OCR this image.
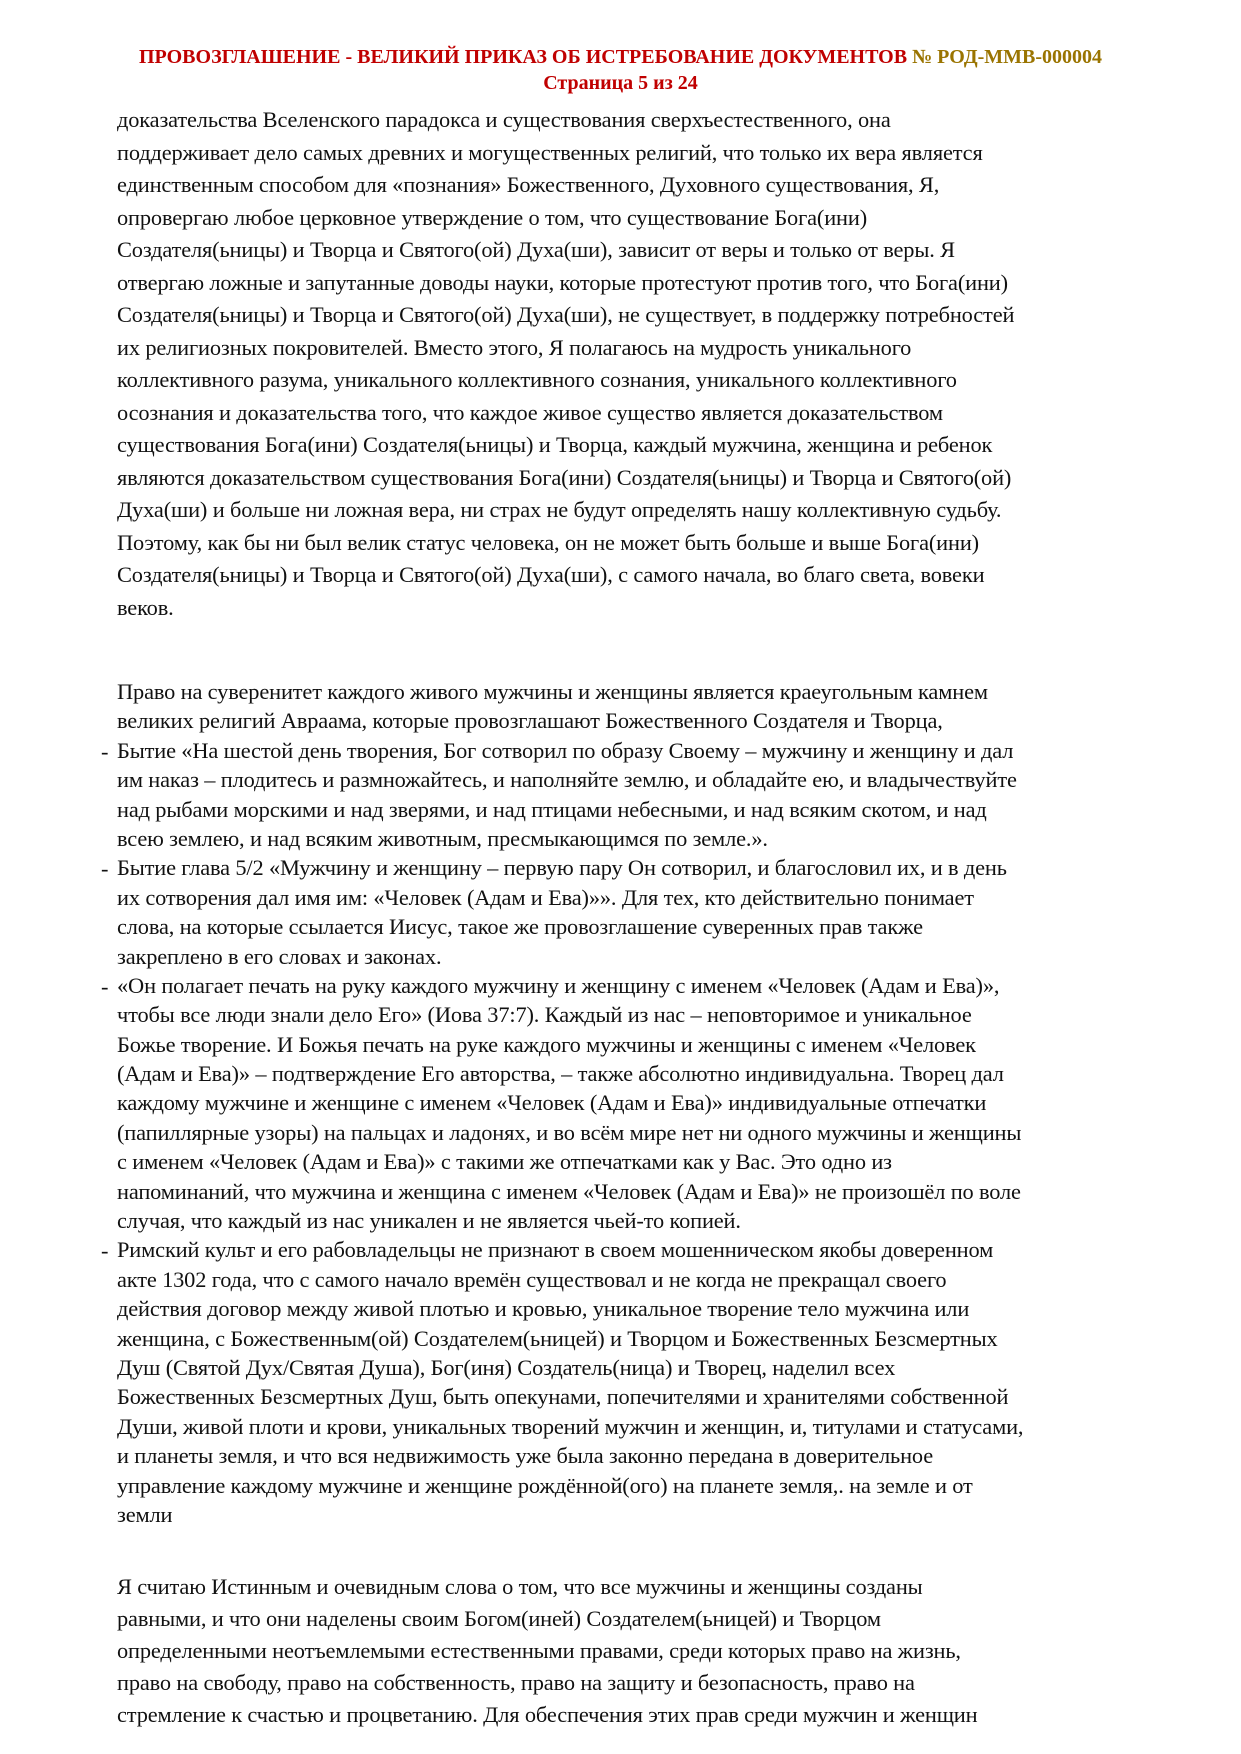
ПРОВОЗГЛАШЕНИЕ - ВЕЛИКИЙ ПРИКАЗ ОБ ИСТРЕБОВАНИЕ ДОКУМЕНТОВ № РОД-ММВ-000004
Страница 5 из 24
доказательства Вселенского парадокса и существования сверхъестественного, она
поддерживает дело самых древних и могущественных религий, что только их вера является
единственным способом для «познания» Божественного, Духовного существования, Я,
опровергаю любое церковное утверждение о том, что существование Бога(ини)
Создателя(ьницы) и Творца и Святого(ой) Духа(ши), зависит от веры и только от веры. Я
отвергаю ложные и запутанные доводы науки, которые протестуют против того, что Бога(ини)
Создателя(ьницы) и Творца и Святого(ой) Духа(ши), не существует, в поддержку потребностей
их религиозных покровителей. Вместо этого, Я полагаюсь на мудрость уникального
коллективного разума, уникального коллективного сознания, уникального коллективного
осознания и доказательства того, что каждое живое существо является доказательством
существования Бога(ини) Создателя(ьницы) и Творца, каждый мужчина, женщина и ребенок
являются доказательством существования Бога(ини) Создателя(ьницы) и Творца и Святого(ой)
Духа(ши) и больше ни ложная вера, ни страх не будут определять нашу коллективную судьбу.
Поэтому, как бы ни был велик статус человека, он не может быть больше и выше Бога(ини)
Создателя(ьницы) и Творца и Святого(ой) Духа(ши), с самого начала, во благо света, вовеки
веков.
Право на суверенитет каждого живого мужчины и женщины является краеугольным камнем
великих религий Авраама, которые провозглашают Божественного Создателя и Творца,
- Бытие «На шестой день творения, Бог сотворил по образу Своему – мужчину и женщину и дал
им наказ – плодитесь и размножайтесь, и наполняйте землю, и обладайте ею, и владычествуйте
над рыбами морскими и над зверями, и над птицами небесными, и над всяким скотом, и над
всею землею, и над всяким животным, пресмыкающимся по земле.».
- Бытие глава 5/2 «Мужчину и женщину – первую пару Он сотворил, и благословил их, и в день
их сотворения дал имя им: «Человек (Адам и Ева)»». Для тех, кто действительно понимает
слова, на которые ссылается Иисус, такое же провозглашение суверенных прав также
закреплено в его словах и законах.
- «Он полагает печать на руку каждого мужчину и женщину с именем «Человек (Адам и Ева)»,
чтобы все люди знали дело Его» (Иова 37:7). Каждый из нас – неповторимое и уникальное
Божье творение. И Божья печать на руке каждого мужчины и женщины с именем «Человек
(Адам и Ева)» – подтверждение Его авторства, – также абсолютно индивидуальна. Творец дал
каждому мужчине и женщине с именем «Человек (Адам и Ева)» индивидуальные отпечатки
(папиллярные узоры) на пальцах и ладонях, и во всём мире нет ни одного мужчины и женщины
с именем «Человек (Адам и Ева)» с такими же отпечатками как у Вас. Это одно из
напоминаний, что мужчина и женщина с именем «Человек (Адам и Ева)» не произошёл по воле
случая, что каждый из нас уникален и не является чьей-то копией.
- Римский культ и его рабовладельцы не признают в своем мошенническом якобы доверенном
акте 1302 года, что с самого начало времён существовал и не когда не прекращал своего
действия договор между живой плотью и кровью, уникальное творение тело мужчина или
женщина, с Божественным(ой) Создателем(ьницей) и Творцом и Божественных Безсмертных
Душ (Святой Дух/Святая Душа), Бог(иня) Создатель(ница) и Творец, наделил всех
Божественных Безсмертных Душ, быть опекунами, попечителями и хранителями собственной
Души, живой плоти и крови, уникальных творений мужчин и женщин, и, титулами и статусами,
и планеты земля, и что вся недвижимость уже была законно передана в доверительное
управление каждому мужчине и женщине рождённой(ого) на планете земля,. на земле и от
земли
Я считаю Истинным и очевидным слова о том, что все мужчины и женщины созданы
равными, и что они наделены своим Богом(иней) Создателем(ьницей) и Творцом
определенными неотъемлемыми естественными правами, среди которых право на жизнь,
право на свободу, право на собственность, право на защиту и безопасность, право на
стремление к счастью и процветанию. Для обеспечения этих прав среди мужчин и женщин
